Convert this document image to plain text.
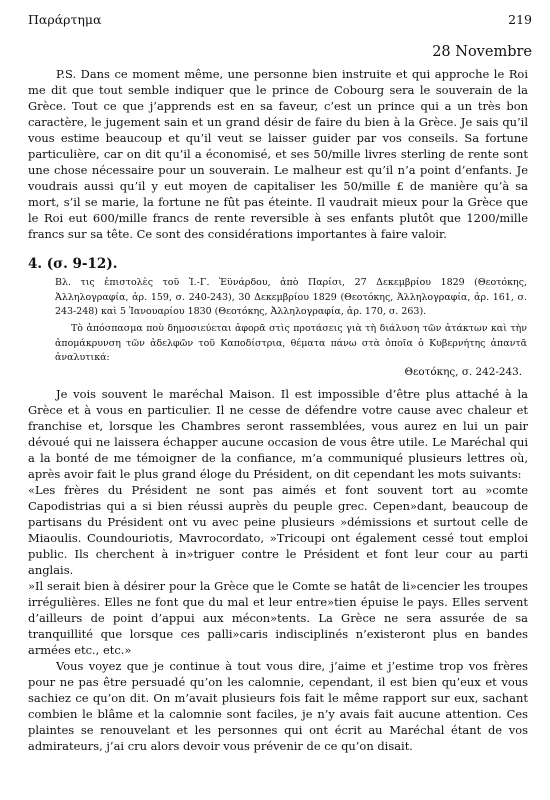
Παράρτημα	219
28 Novembre

P.S. Dans ce moment même, une personne bien instruite et qui approche le Roi me dit que tout semble indiquer que le prince de Cobourg sera le souverain de la Grèce. Tout ce que j’apprends est en sa faveur, c’est un prince qui a un très bon caractère, le jugement sain et un grand désir de faire du bien à la Grèce. Je sais qu’il vous estime beaucoup et qu’il veut se laisser guider par vos conseils. Sa fortune particulière, car on dit qu’il a économisé, et ses 50/mille livres sterling de rente sont une chose nécessaire pour un souverain. Le malheur est qu’il n’a point d’enfants. Je voudrais aussi qu’il y eut moyen de capitaliser les 50/mille £ de manière qu’à sa mort, s’il se marie, la fortune ne fût pas éteinte. Il vaudrait mieux pour la Grèce que le Roi eut 600/mille francs de rente reversible à ses enfants plutôt que 1200/mille francs sur sa tête. Ce sont des considérations importantes à faire valoir.

4. (σ. 9-12).

Βλ. τις ἐπιστολὲς τοῦ Ἰ.-Γ. Ἐϋνάρδου, ἀπὸ Παρίσι, 27 Δεκεμβρίου 1829 (Θεοτόκης, Ἀλληλογραφία, ἀρ. 159, σ. 240-243), 30 Δεκεμβρίου 1829 (Θεοτόκης, Ἀλληλογραφία, ἀρ. 161, σ. 243-248) καὶ 5 Ἰανουαρίου 1830 (Θεοτόκης, Ἀλληλογραφία, ἀρ. 170, σ. 263).

Τὸ ἀπόσπασμα ποὺ δημοσιεύεται ἀφορᾶ στὶς προτάσεις γιὰ τὴ διάλυση τῶν ἀτάκτων καὶ τὴν ἀπομάκρυνση τῶν ἀδελφῶν τοῦ Καποδίστρια, θέματα πάνω στὰ ὁποῖα ὁ Κυβερνήτης ἀπαντᾶ ἀναλυτικά:

Θεοτόκης, σ. 242-243.

Je vois souvent le maréchal Maison. Il est impossible d’être plus attaché à la Grèce et à vous en particulier. Il ne cesse de défendre votre cause avec chaleur et franchise et, lorsque les Chambres seront rassemblées, vous aurez en lui un pair dévoué qui ne laissera échapper aucune occasion de vous être utile. Le Maréchal qui a la bonté de me témoigner de la confiance, m’a communiqué plusieurs lettres où, après avoir fait le plus grand éloge du Président, on dit cependant les mots suivants:

«Les frères du Président ne sont pas aimés et font souvent tort au »comte Capodistrias qui a si bien réussi auprès du peuple grec. Cepen»dant, beaucoup de partisans du Président ont vu avec peine plusieurs »démissions et surtout celle de Miaoulis. Coundouriotis, Mavrocordato, »Tricoupi ont également cessé tout emploi public. Ils cherchent à in»triguer contre le Président et font leur cour au parti anglais.

»Il serait bien à désirer pour la Grèce que le Comte se hatât de li»cencier les troupes irrégulières. Elles ne font que du mal et leur entre»tien épuise le pays. Elles servent d’ailleurs de point d’appui aux mécon»tents. La Grèce ne sera assurée de sa tranquillité que lorsque ces palli»caris indisciplinés n’existeront plus en bandes armées etc., etc.»

Vous voyez que je continue à tout vous dire, j’aime et j’estime trop vos frères pour ne pas être persuadé qu’on les calomnie, cependant, il est bien qu’eux et vous sachiez ce qu’on dit. On m’avait plusieurs fois fait le même rapport sur eux, sachant combien le blâme et la calomnie sont faciles, je n’y avais fait aucune attention. Ces plaintes se renouvelant et les personnes qui ont écrit au Maréchal étant de vos admirateurs, j’ai cru alors devoir vous prévenir de ce qu’on disait.
